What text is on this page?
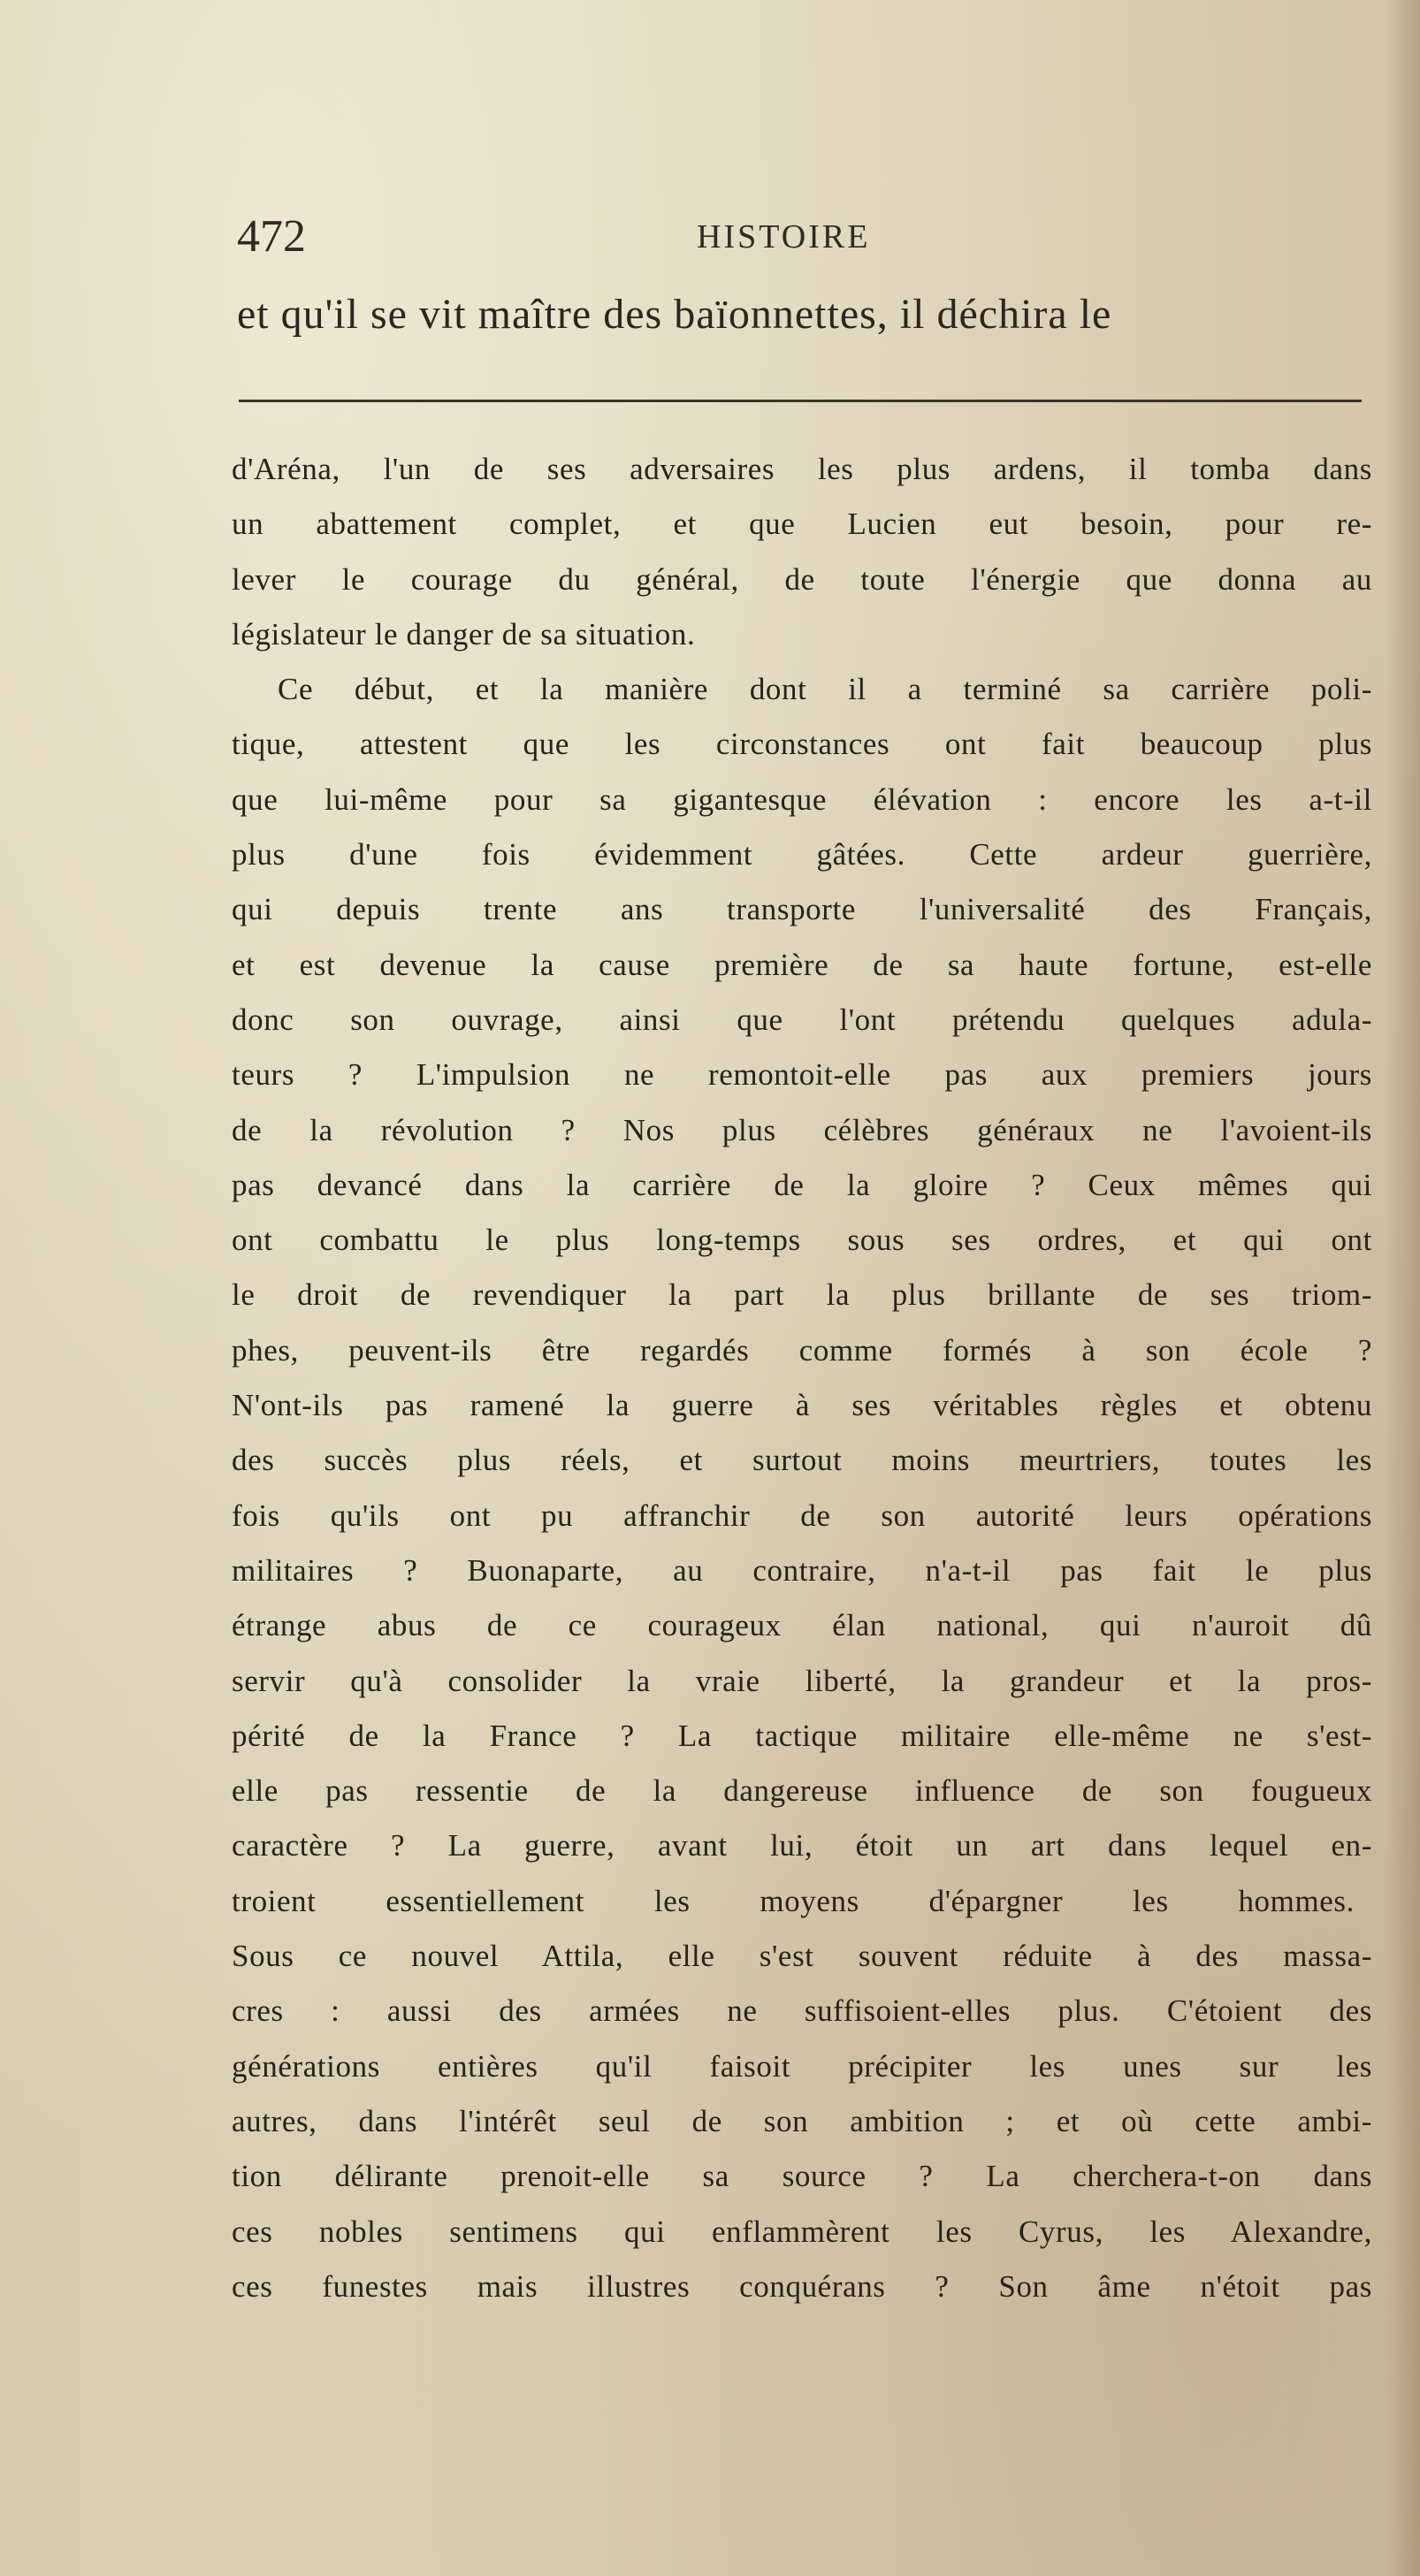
472	HISTOIRE
et qu'il se vit maître des baïonnettes, il déchira le
d'Aréna, l'un de ses adversaires les plus ardens, il tomba dans
un abattement complet, et que Lucien eut besoin, pour re-
lever le courage du général, de toute l'énergie que donna au
législateur le danger de sa situation.
Ce début, et la manière dont il a terminé sa carrière poli-
tique, attestent que les circonstances ont fait beaucoup plus
que lui-même pour sa gigantesque élévation : encore les a-t-il
plus d'une fois évidemment gâtées. Cette ardeur guerrière,
qui depuis trente ans transporte l'universalité des Français,
et est devenue la cause première de sa haute fortune, est-elle
donc son ouvrage, ainsi que l'ont prétendu quelques adula-
teurs ? L'impulsion ne remontoit-elle pas aux premiers jours
de la révolution ? Nos plus célèbres généraux ne l'avoient-ils
pas devancé dans la carrière de la gloire ? Ceux mêmes qui
ont combattu le plus long-temps sous ses ordres, et qui ont
le droit de revendiquer la part la plus brillante de ses triom-
phes, peuvent-ils être regardés comme formés à son école ?
N'ont-ils pas ramené la guerre à ses véritables règles et obtenu
des succès plus réels, et surtout moins meurtriers, toutes les
fois qu'ils ont pu affranchir de son autorité leurs opérations
militaires ? Buonaparte, au contraire, n'a-t-il pas fait le plus
étrange abus de ce courageux élan national, qui n'auroit dû
servir qu'à consolider la vraie liberté, la grandeur et la pros-
périté de la France ? La tactique militaire elle-même ne s'est-
elle pas ressentie de la dangereuse influence de son fougueux
caractère ? La guerre, avant lui, étoit un art dans lequel en-
troient essentiellement les moyens d'épargner les hommes.
Sous ce nouvel Attila, elle s'est souvent réduite à des massa-
cres : aussi des armées ne suffisoient-elles plus. C'étoient des
générations entières qu'il faisoit précipiter les unes sur les
autres, dans l'intérêt seul de son ambition ; et où cette ambi-
tion délirante prenoit-elle sa source ? La cherchera-t-on dans
ces nobles sentimens qui enflammèrent les Cyrus, les Alexandre,
ces funestes mais illustres conquérans ? Son âme n'étoit pas
